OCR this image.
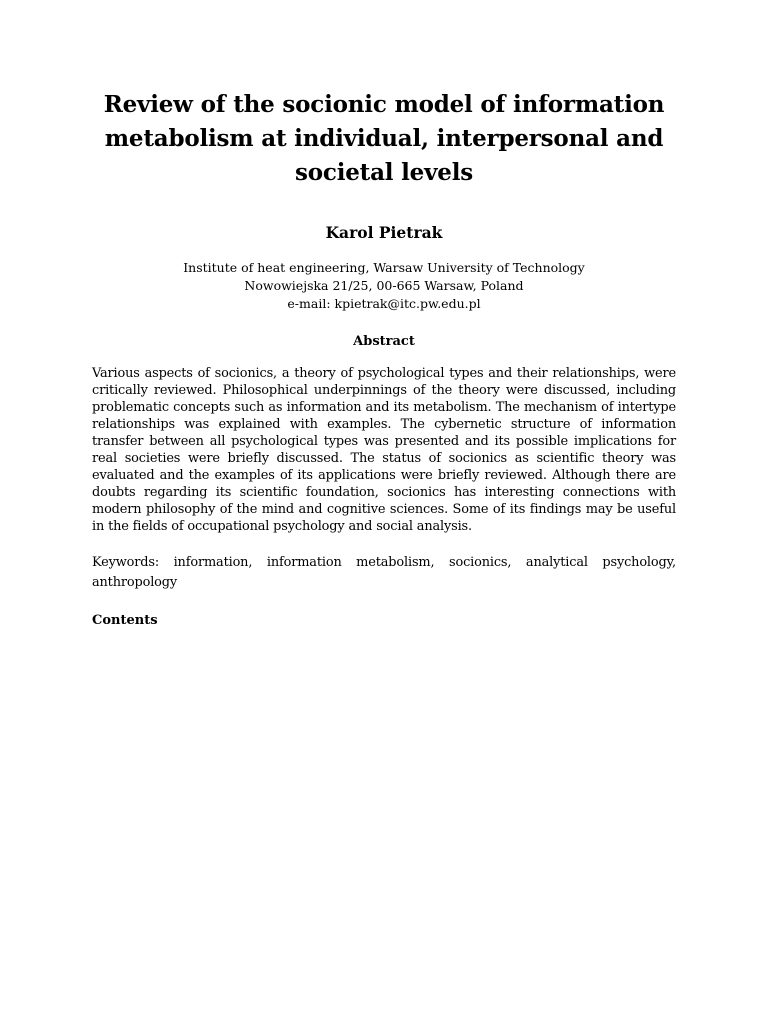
Review of the socionic model of information metabolism at individual, interpersonal and societal levels
Karol Pietrak
Institute of heat engineering, Warsaw University of Technology
Nowowiejska 21/25, 00-665 Warsaw, Poland
e-mail: kpietrak@itc.pw.edu.pl
Abstract
Various aspects of socionics, a theory of psychological types and their relationships, were critically reviewed. Philosophical underpinnings of the theory were discussed, including problematic concepts such as information and its metabolism. The mechanism of intertype relationships was explained with examples. The cybernetic structure of information transfer between all psychological types was presented and its possible implications for real societies were briefly discussed. The status of socionics as scientific theory was evaluated and the examples of its applications were briefly reviewed. Although there are doubts regarding its scientific foundation, socionics has interesting connections with modern philosophy of the mind and cognitive sciences. Some of its findings may be useful in the fields of occupational psychology and social analysis.
Keywords: information, information metabolism, socionics, analytical psychology, anthropology
Contents
